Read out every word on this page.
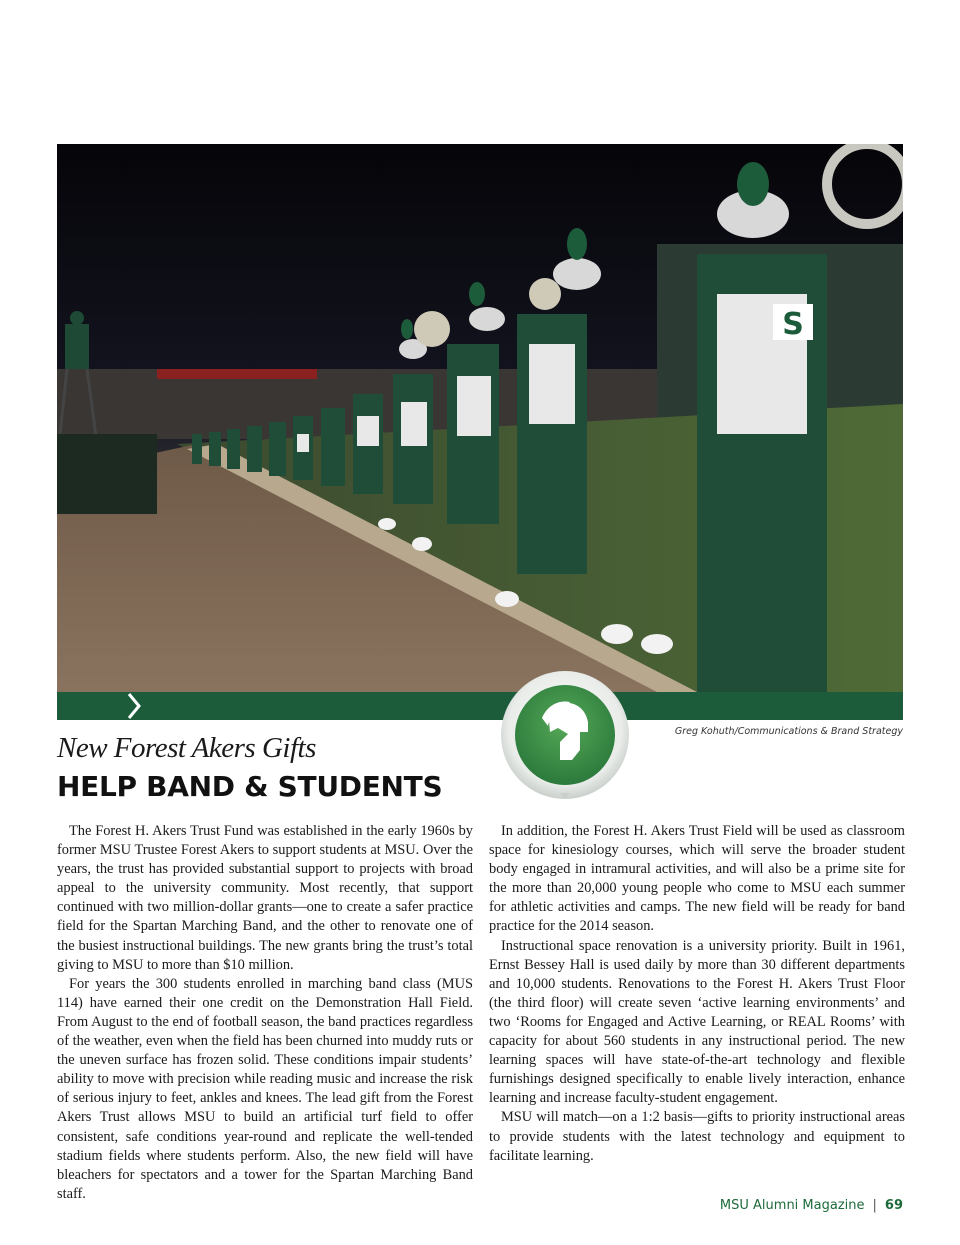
S
Greg Kohuth/Communications & Brand Strategy
New Forest Akers Gifts
HELP BAND & STUDENTS

The Forest H. Akers Trust Fund was established in the early 1960s by former MSU Trustee Forest Akers to support students at MSU. Over the years, the trust has provided substantial support to projects with broad appeal to the university community. Most recently, that support continued with two million-dollar grants—one to create a safer practice field for the Spartan Marching Band, and the other to renovate one of the busiest instructional buildings. The new grants bring the trust’s total giving to MSU to more than $10 million.

For years the 300 students enrolled in marching band class (MUS 114) have earned their one credit on the Demonstration Hall Field. From August to the end of football season, the band practices regardless of the weather, even when the field has been churned into muddy ruts or the uneven surface has frozen solid. These conditions impair students’ ability to move with precision while reading music and increase the risk of serious injury to feet, ankles and knees. The lead gift from the Forest Akers Trust allows MSU to build an artificial turf field to offer consistent, safe conditions year-round and replicate the well-tended stadium fields where students perform. Also, the new field will have bleachers for spectators and a tower for the Spartan Marching Band staff.

In addition, the Forest H. Akers Trust Field will be used as classroom space for kinesiology courses, which will serve the broader student body engaged in intramural activities, and will also be a prime site for the more than 20,000 young people who come to MSU each summer for athletic activities and camps. The new field will be ready for band practice for the 2014 season.

Instructional space renovation is a university priority. Built in 1961, Ernst Bessey Hall is used daily by more than 30 different departments and 10,000 students. Renovations to the Forest H. Akers Trust Floor (the third floor) will create seven ‘active learning environments’ and two ‘Rooms for Engaged and Active Learning, or REAL Rooms’ with capacity for about 560 students in any instructional period. The new learning spaces will have state-of-the-art technology and flexible furnishings designed specifically to enable lively interaction, enhance learning and increase faculty-student engagement.

MSU will match—on a 1:2 basis—gifts to priority instructional areas to provide students with the latest technology and equipment to facilitate learning.

MSU Alumni Magazine | 69
